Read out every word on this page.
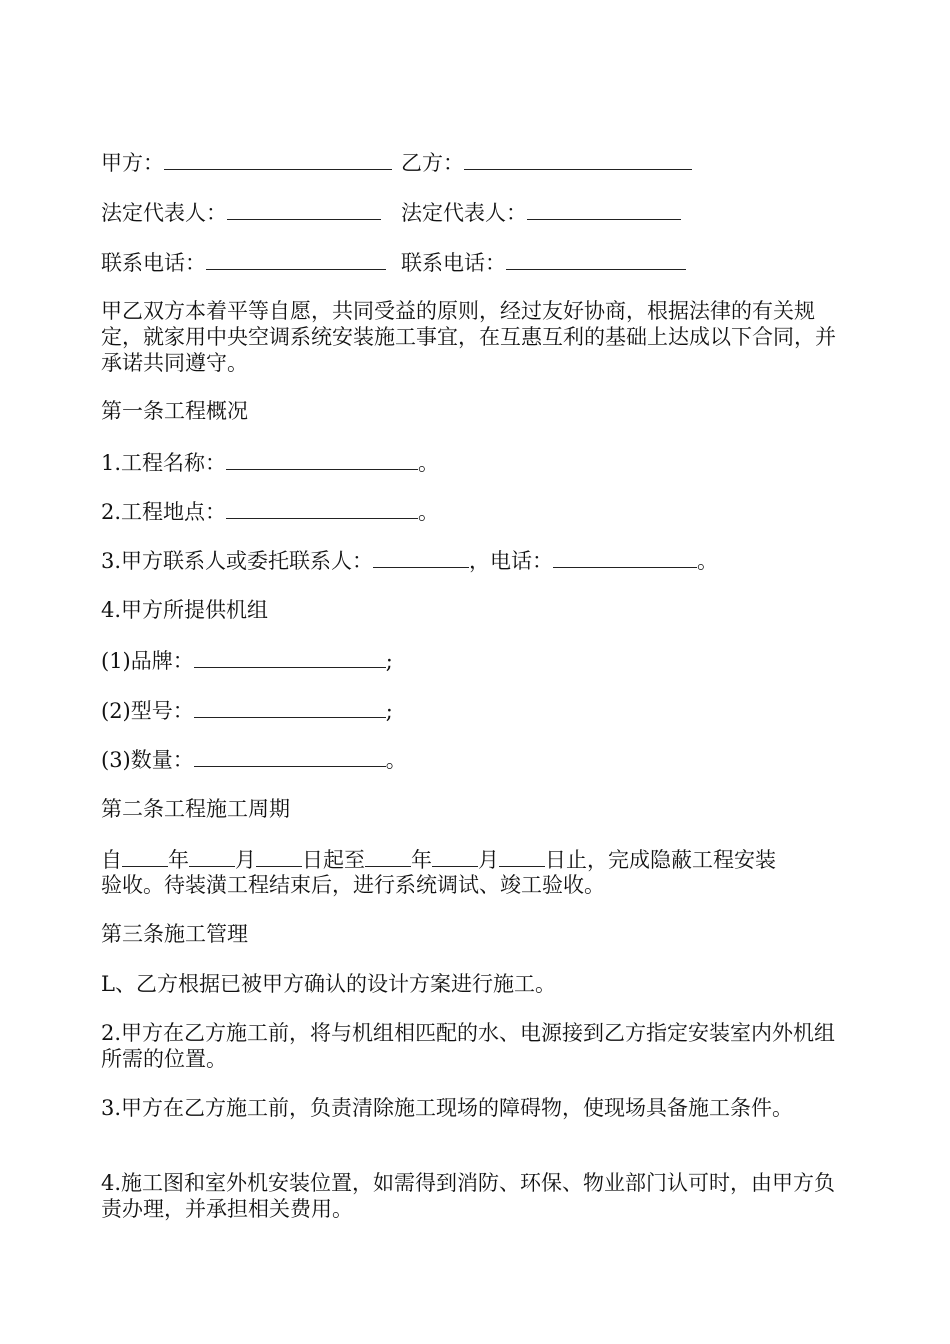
甲方：	乙方：
法定代表人：	法定代表人：
联系电话：	联系电话：

甲乙双方本着平等自愿，共同受益的原则，经过友好协商，根据法律的有关规定，就家用中央空调系统安装施工事宜，在互惠互利的基础上达成以下合同，并承诺共同遵守。

第一条工程概况
1.工程名称：	。
2.工程地点：	。
3.甲方联系人或委托联系人：	，电话：	。
4.甲方所提供机组
(1)品牌：	;
(2)型号：	;
(3)数量：	。
第二条工程施工周期
自 年 月 日起至 年 月 日止，完成隐蔽工程安装
验收。待装潢工程结束后，进行系统调试、竣工验收。
第三条施工管理

L、乙方根据已被甲方确认的设计方案进行施工。

2.甲方在乙方施工前，将与机组相匹配的水、电源接到乙方指定安装室内外机组所需的位置。

3.甲方在乙方施工前，负责清除施工现场的障碍物，使现场具备施工条件。

4.施工图和室外机安装位置，如需得到消防、环保、物业部门认可时，由甲方负责办理，并承担相关费用。
